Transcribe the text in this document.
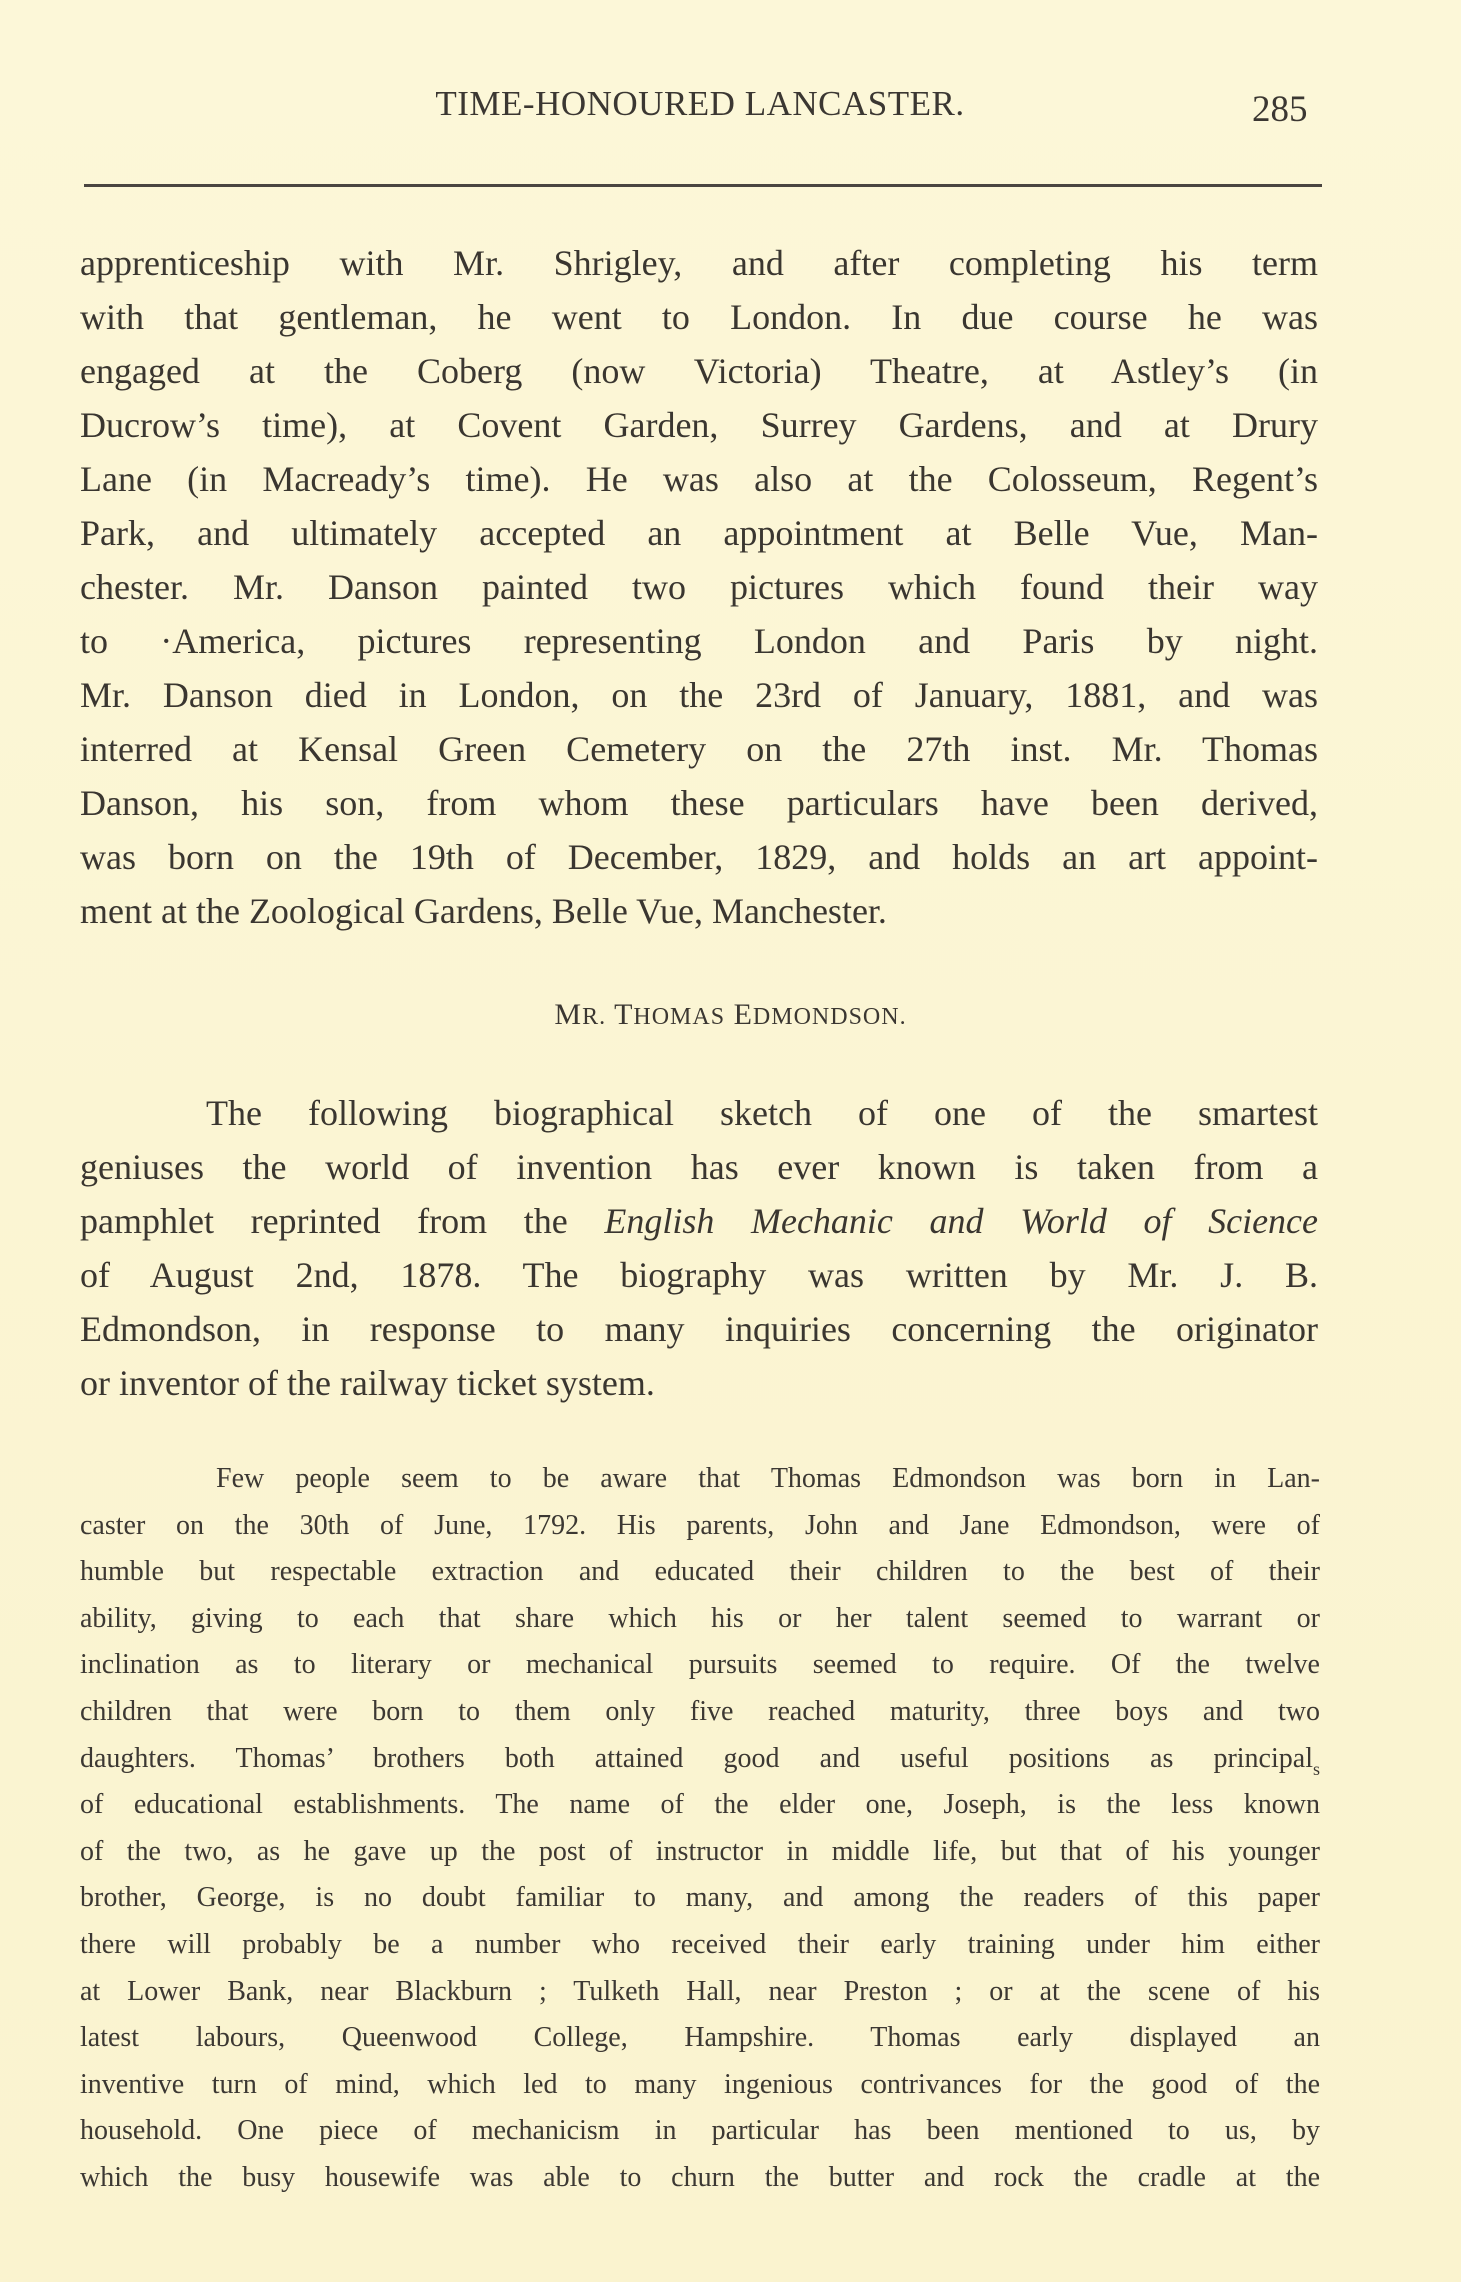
TIME-HONOURED LANCASTER.	285
apprenticeship with Mr. Shrigley, and after completing his term
with that gentleman, he went to London. In due course he was
engaged at the Coberg (now Victoria) Theatre, at Astley’s (in
Ducrow’s time), at Covent Garden, Surrey Gardens, and at Drury
Lane (in Macready’s time). He was also at the Colosseum, Regent’s
Park, and ultimately accepted an appointment at Belle Vue, Man-
chester. Mr. Danson painted two pictures which found their way
to ·America, pictures representing London and Paris by night.
Mr. Danson died in London, on the 23rd of January, 1881, and was
interred at Kensal Green Cemetery on the 27th inst. Mr. Thomas
Danson, his son, from whom these particulars have been derived,
was born on the 19th of December, 1829, and holds an art appoint-
ment at the Zoological Gardens, Belle Vue, Manchester.
MR. THOMAS EDMONDSON.
The following biographical sketch of one of the smartest
geniuses the world of invention has ever known is taken from a
pamphlet reprinted from the English Mechanic and World of Science
of August 2nd, 1878. The biography was written by Mr. J. B.
Edmondson, in response to many inquiries concerning the originator
or inventor of the railway ticket system.
Few people seem to be aware that Thomas Edmondson was born in Lan-
caster on the 30th of June, 1792. His parents, John and Jane Edmondson, were of
humble but respectable extraction and educated their children to the best of their
ability, giving to each that share which his or her talent seemed to warrant or
inclination as to literary or mechanical pursuits seemed to require. Of the twelve
children that were born to them only five reached maturity, three boys and two
daughters. Thomas’ brothers both attained good and useful positions as principal$_s$
of educational establishments. The name of the elder one, Joseph, is the less known
of the two, as he gave up the post of instructor in middle life, but that of his younger
brother, George, is no doubt familiar to many, and among the readers of this paper
there will probably be a number who received their early training under him either
at Lower Bank, near Blackburn ; Tulketh Hall, near Preston ; or at the scene of his
latest labours, Queenwood College, Hampshire. Thomas early displayed an
inventive turn of mind, which led to many ingenious contrivances for the good of the
household. One piece of mechanicism in particular has been mentioned to us, by
which the busy housewife was able to churn the butter and rock the cradle at the
